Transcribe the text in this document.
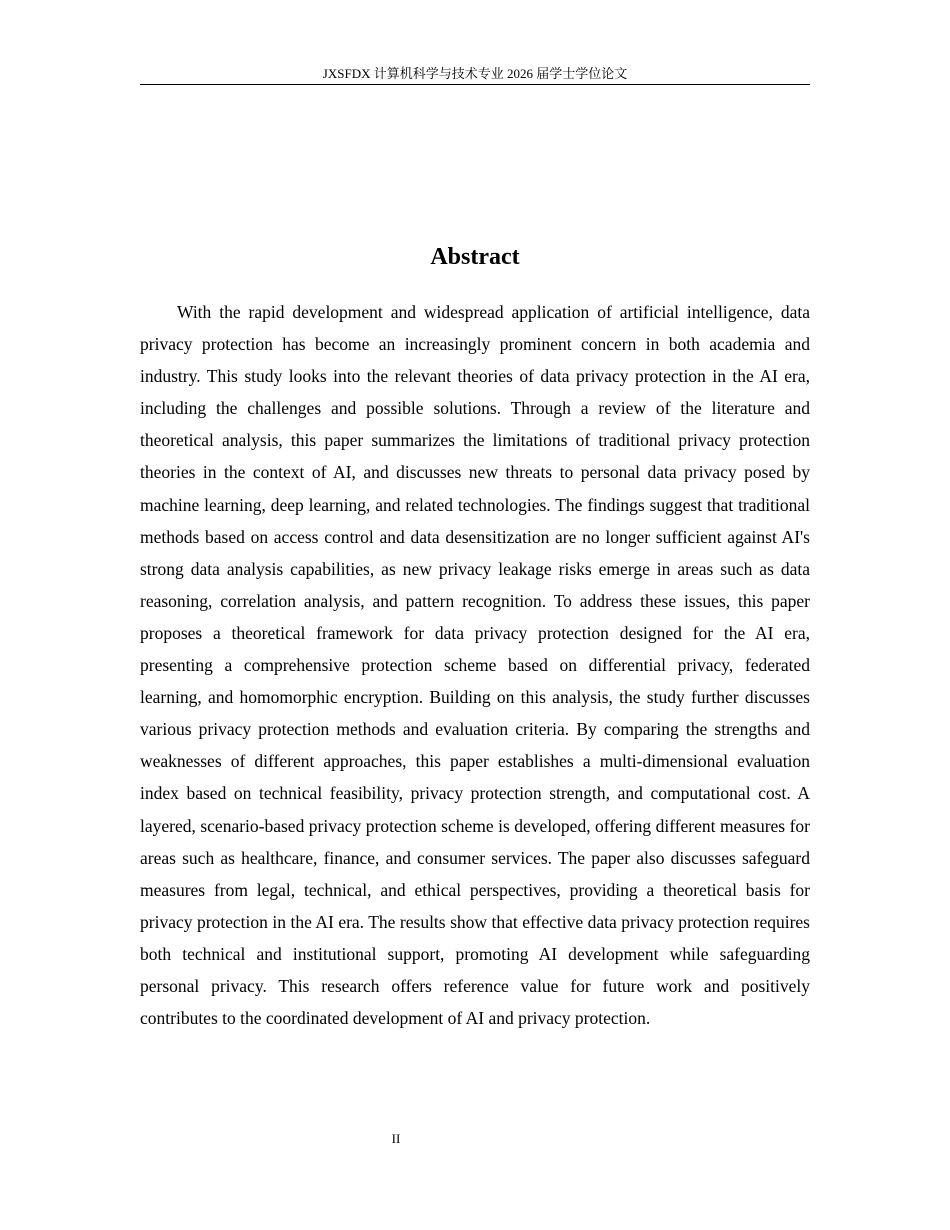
JXSFDX 计算机科学与技术专业 2026 届学士学位论文
Abstract

With the rapid development and widespread application of artificial intelligence, data privacy protection has become an increasingly prominent concern in both academia and industry. This study looks into the relevant theories of data privacy protection in the AI era, including the challenges and possible solutions. Through a review of the literature and theoretical analysis, this paper summarizes the limitations of traditional privacy protection theories in the context of AI, and discusses new threats to personal data privacy posed by machine learning, deep learning, and related technologies. The findings suggest that traditional methods based on access control and data desensitization are no longer sufficient against AI's strong data analysis capabilities, as new privacy leakage risks emerge in areas such as data reasoning, correlation analysis, and pattern recognition. To address these issues, this paper proposes a theoretical framework for data privacy protection designed for the AI era, presenting a comprehensive protection scheme based on differential privacy, federated learning, and homomorphic encryption. Building on this analysis, the study further discusses various privacy protection methods and evaluation criteria. By comparing the strengths and weaknesses of different approaches, this paper establishes a multi-dimensional evaluation index based on technical feasibility, privacy protection strength, and computational cost. A layered, scenario-based privacy protection scheme is developed, offering different measures for areas such as healthcare, finance, and consumer services. The paper also discusses safeguard measures from legal, technical, and ethical perspectives, providing a theoretical basis for privacy protection in the AI era. The results show that effective data privacy protection requires both technical and institutional support, promoting AI development while safeguarding personal privacy. This research offers reference value for future work and positively contributes to the coordinated development of AI and privacy protection.

II
